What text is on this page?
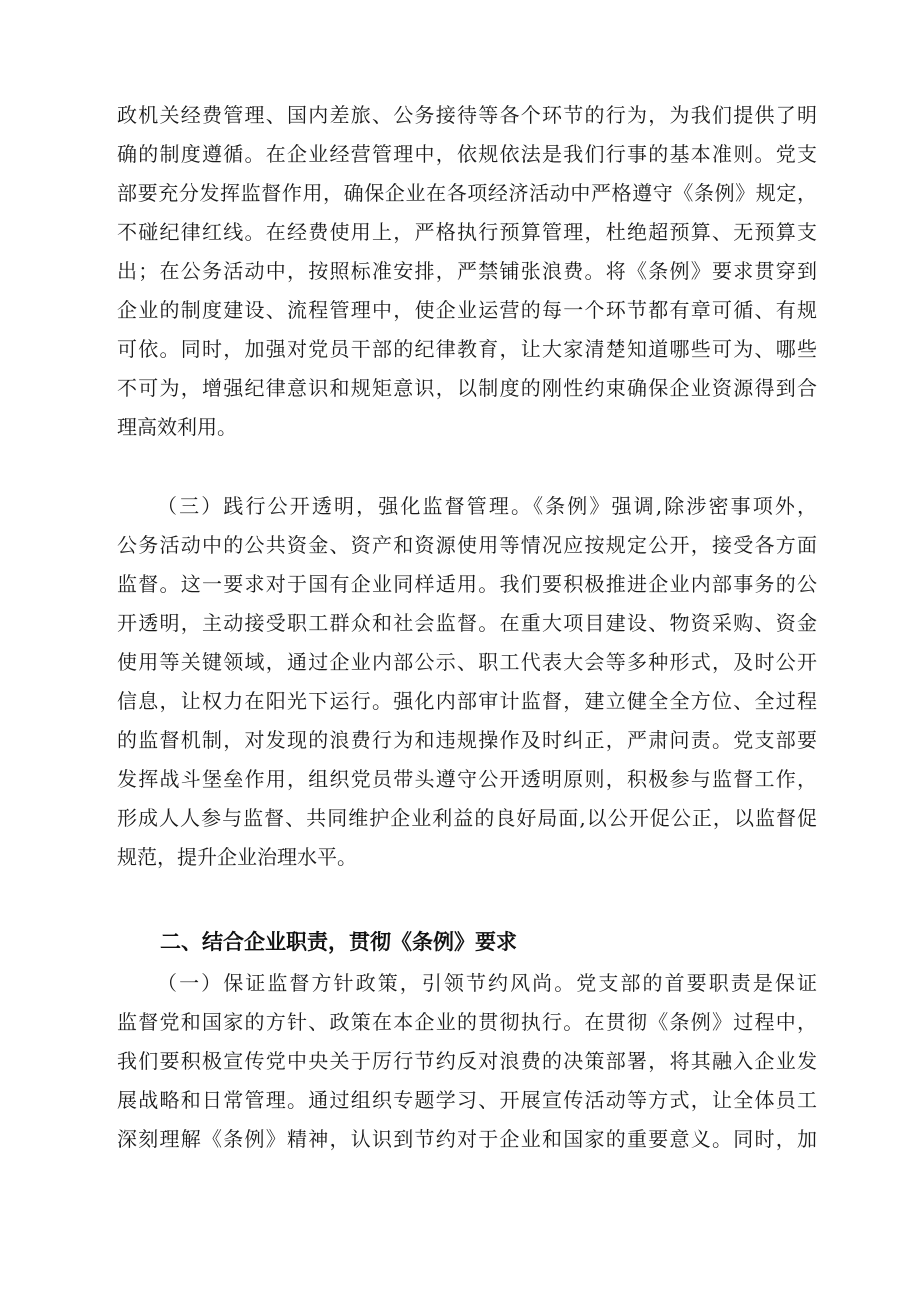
政机关经费管理、国内差旅、公务接待等各个环节的行为，为我们提供了明
确的制度遵循。在企业经营管理中，依规依法是我们行事的基本准则。党支
部要充分发挥监督作用，确保企业在各项经济活动中严格遵守《条例》规定，
不碰纪律红线。在经费使用上，严格执行预算管理，杜绝超预算、无预算支
出；在公务活动中，按照标准安排，严禁铺张浪费。将《条例》要求贯穿到
企业的制度建设、流程管理中，使企业运营的每一个环节都有章可循、有规
可依。同时，加强对党员干部的纪律教育，让大家清楚知道哪些可为、哪些
不可为，增强纪律意识和规矩意识，以制度的刚性约束确保企业资源得到合
理高效利用。
（三）践行公开透明，强化监督管理。《条例》强调,除涉密事项外，
公务活动中的公共资金、资产和资源使用等情况应按规定公开，接受各方面
监督。这一要求对于国有企业同样适用。我们要积极推进企业内部事务的公
开透明，主动接受职工群众和社会监督。在重大项目建设、物资采购、资金
使用等关键领域，通过企业内部公示、职工代表大会等多种形式，及时公开
信息，让权力在阳光下运行。强化内部审计监督，建立健全全方位、全过程
的监督机制，对发现的浪费行为和违规操作及时纠正，严肃问责。党支部要
发挥战斗堡垒作用，组织党员带头遵守公开透明原则，积极参与监督工作，
形成人人参与监督、共同维护企业利益的良好局面,以公开促公正，以监督促
规范，提升企业治理水平。
二、结合企业职责，贯彻《条例》要求
（一）保证监督方针政策，引领节约风尚。党支部的首要职责是保证
监督党和国家的方针、政策在本企业的贯彻执行。在贯彻《条例》过程中，
我们要积极宣传党中央关于厉行节约反对浪费的决策部署，将其融入企业发
展战略和日常管理。通过组织专题学习、开展宣传活动等方式，让全体员工
深刻理解《条例》精神，认识到节约对于企业和国家的重要意义。同时，加
